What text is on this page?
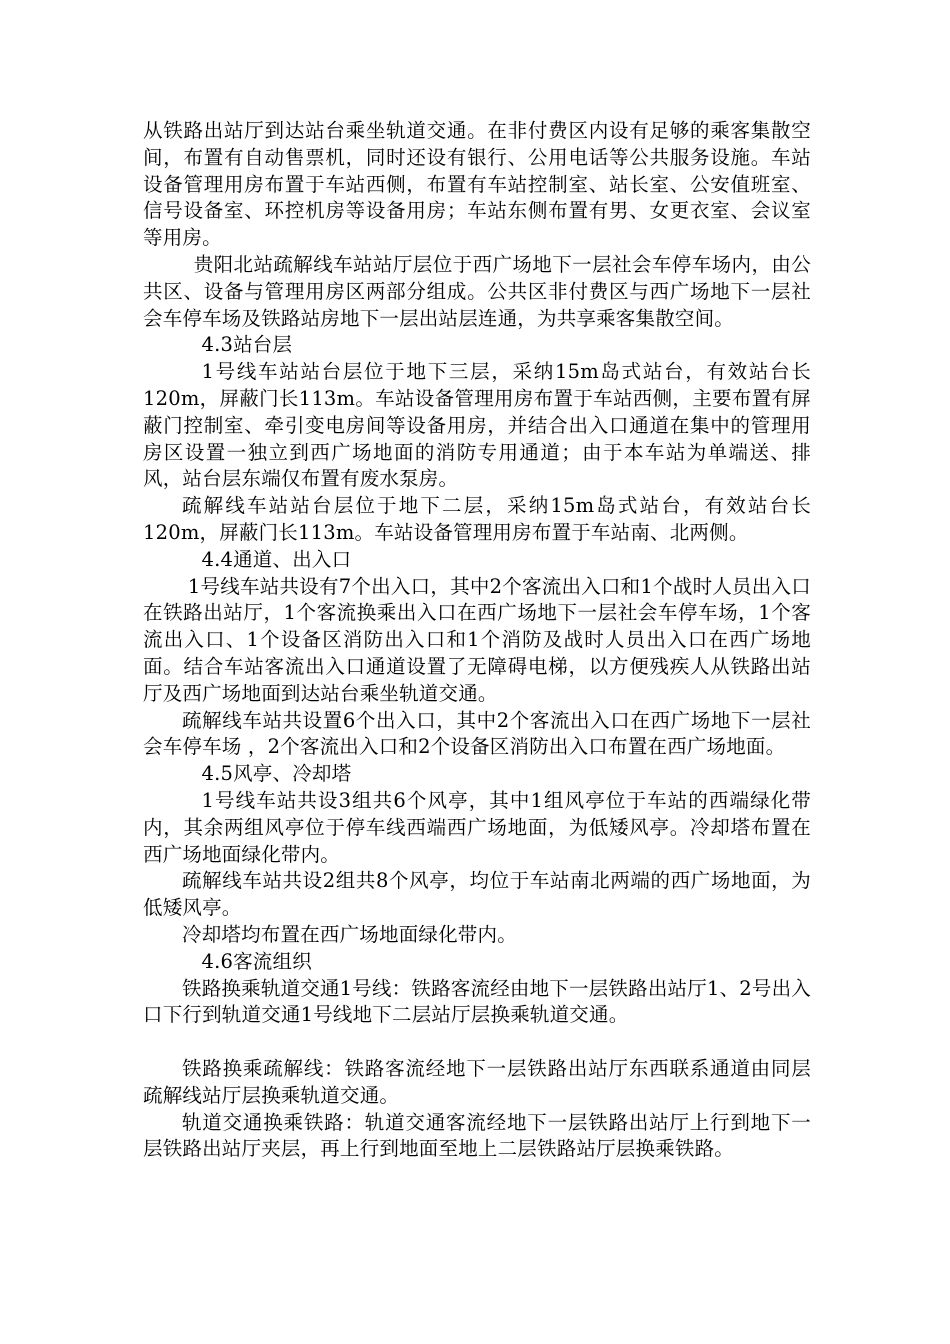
从铁路出站厅到达站台乘坐轨道交通。在非付费区内设有足够的乘客集散空间，布置有自动售票机，同时还设有银行、公用电话等公共服务设施。车站设备管理用房布置于车站西侧，布置有车站控制室、站长室、公安值班室、信号设备室、环控机房等设备用房；车站东侧布置有男、女更衣室、会议室等用房。

贵阳北站疏解线车站站厅层位于西广场地下一层社会车停车场内，由公共区、设备与管理用房区两部分组成。公共区非付费区与西广场地下一层社会车停车场及铁路站房地下一层出站层连通，为共享乘客集散空间。

4.3站台层

1号线车站站台层位于地下三层，采纳15m岛式站台，有效站台长120m，屏蔽门长113m。车站设备管理用房布置于车站西侧，主要布置有屏蔽门控制室、牵引变电房间等设备用房，并结合出入口通道在集中的管理用房区设置一独立到西广场地面的消防专用通道；由于本车站为单端送、排风，站台层东端仅布置有废水泵房。

疏解线车站站台层位于地下二层，采纳15m岛式站台，有效站台长120m，屏蔽门长113m。车站设备管理用房布置于车站南、北两侧。

4.4通道、出入口

1号线车站共设有7个出入口，其中2个客流出入口和1个战时人员出入口在铁路出站厅，1个客流换乘出入口在西广场地下一层社会车停车场，1个客流出入口、1个设备区消防出入口和1个消防及战时人员出入口在西广场地面。结合车站客流出入口通道设置了无障碍电梯，以方便残疾人从铁路出站厅及西广场地面到达站台乘坐轨道交通。

疏解线车站共设置6个出入口，其中2个客流出入口在西广场地下一层社会车停车场 ，2个客流出入口和2个设备区消防出入口布置在西广场地面。

4.5风亭、冷却塔

1号线车站共设3组共6个风亭，其中1组风亭位于车站的西端绿化带内，其余两组风亭位于停车线西端西广场地面，为低矮风亭。冷却塔布置在西广场地面绿化带内。

疏解线车站共设2组共8个风亭，均位于车站南北两端的西广场地面，为低矮风亭。

冷却塔均布置在西广场地面绿化带内。

4.6客流组织

铁路换乘轨道交通1号线：铁路客流经由地下一层铁路出站厅1、2号出入口下行到轨道交通1号线地下二层站厅层换乘轨道交通。

铁路换乘疏解线：铁路客流经地下一层铁路出站厅东西联系通道由同层疏解线站厅层换乘轨道交通。

轨道交通换乘铁路：轨道交通客流经地下一层铁路出站厅上行到地下一层铁路出站厅夹层，再上行到地面至地上二层铁路站厅层换乘铁路。
